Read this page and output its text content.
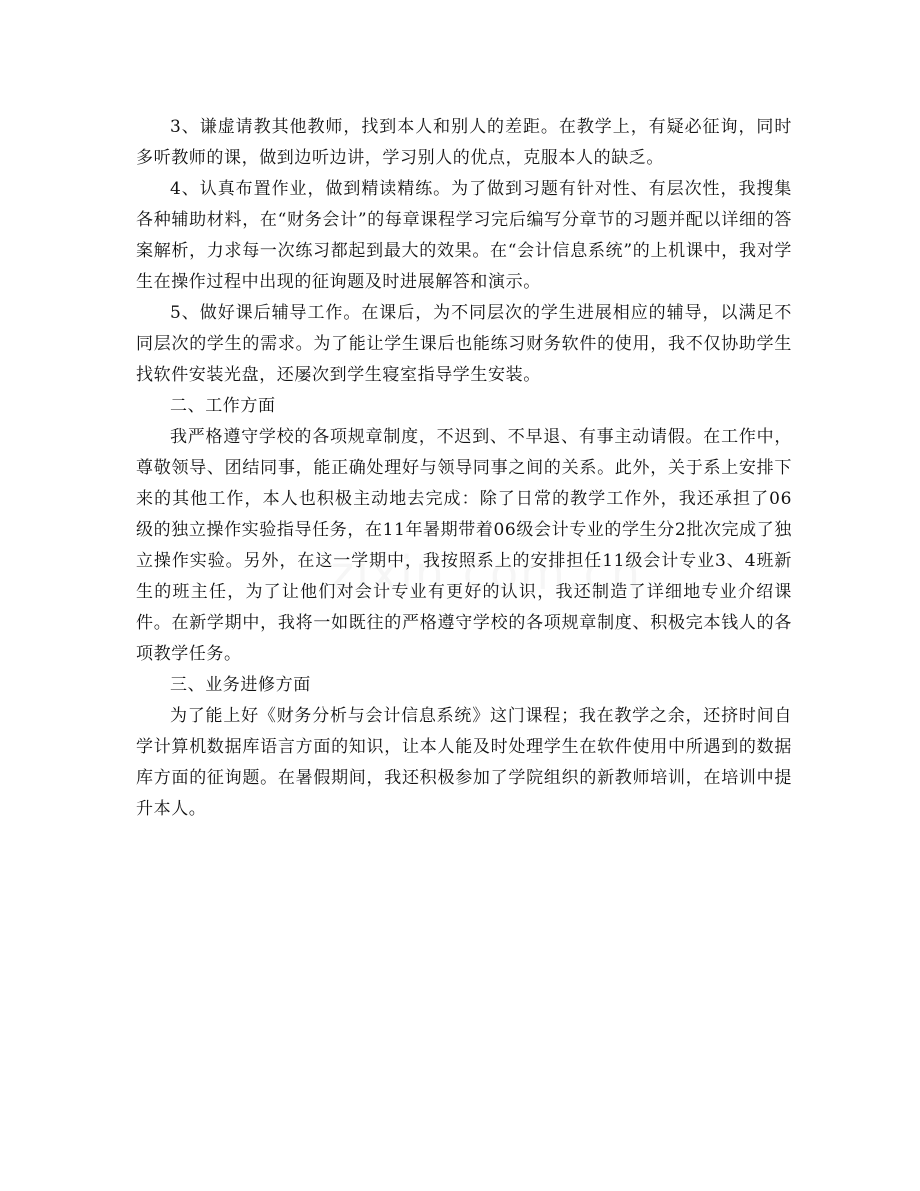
3、谦虚请教其他教师，找到本人和别人的差距。在教学上，有疑必征询，同时多听教师的课，做到边听边讲，学习别人的优点，克服本人的缺乏。

4、认真布置作业，做到精读精练。为了做到习题有针对性、有层次性，我搜集各种辅助材料，在“财务会计”的每章课程学习完后编写分章节的习题并配以详细的答案解析，力求每一次练习都起到最大的效果。在“会计信息系统”的上机课中，我对学生在操作过程中出现的征询题及时进展解答和演示。

5、做好课后辅导工作。在课后，为不同层次的学生进展相应的辅导，以满足不同层次的学生的需求。为了能让学生课后也能练习财务软件的使用，我不仅协助学生找软件安装光盘，还屡次到学生寝室指导学生安装。

二、工作方面

我严格遵守学校的各项规章制度，不迟到、不早退、有事主动请假。在工作中，尊敬领导、团结同事，能正确处理好与领导同事之间的关系。此外，关于系上安排下来的其他工作，本人也积极主动地去完成：除了日常的教学工作外，我还承担了06级的独立操作实验指导任务，在11年暑期带着06级会计专业的学生分2批次完成了独立操作实验。另外，在这一学期中，我按照系上的安排担任11级会计专业3、4班新生的班主任，为了让他们对会计专业有更好的认识，我还制造了详细地专业介绍课件。在新学期中，我将一如既往的严格遵守学校的各项规章制度、积极完本钱人的各项教学任务。

三、业务进修方面

为了能上好《财务分析与会计信息系统》这门课程；我在教学之余，还挤时间自学计算机数据库语言方面的知识，让本人能及时处理学生在软件使用中所遇到的数据库方面的征询题。在暑假期间，我还积极参加了学院组织的新教师培训，在培训中提升本人。
